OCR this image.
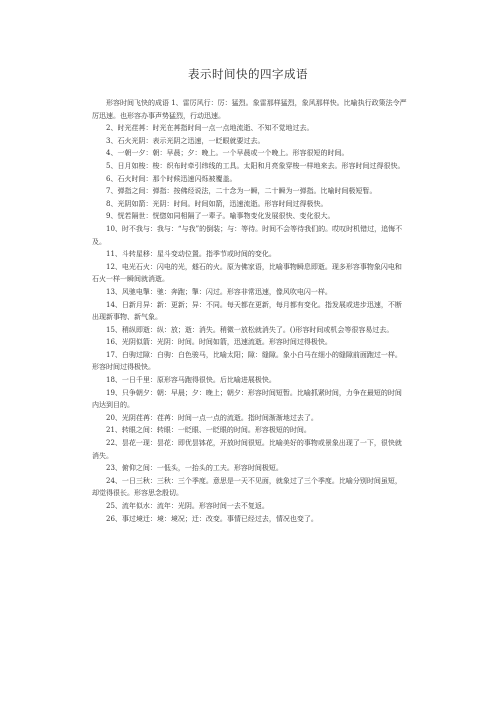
表示时间快的四字成语

形容时间飞快的成语 1、雷厉风行：厉：猛烈。象雷那样猛烈，象风那样快。比喻执行政策法令严厉迅速。也形容办事声势猛烈，行动迅速。

2、时光荏苒：时光在苒指时间一点一点地流逝、不知不觉地过去。

3、石火光阴：表示光阴之迅速，一眨眼就要过去。

4、一朝一夕：朝：早晨；夕：晚上。一个早晨或一个晚上。形容很短的时间。

5、日月如梭：梭：织布时牵引纬线的工具。太阳和月亮象穿梭一样地来去。形容时间过得很快。

6、石火时间：那个时候迅速闪烁被覆盖。

7、弹指之间：弹指：按佛经说法，二十念为一瞬，二十瞬为一弹指。比喻时间极短暂。

8、光阴如箭：光阴：时间。时间如箭，迅速流逝。形容时间过得极快。

9、恍若隔世：恍惚如同相隔了一辈子。喻事物变化发展很快、变化很大。

10、时不我与：我与：“与我”的倒装；与：等待。时间不会等待我们的。哎叹时机错过，追悔不及。

11、斗转星移：星斗变动位置。指季节或时间的变化。

12、电光石火：闪电的光，燧石的火。原为佛家语，比喻事物瞬息即逝。现多形容事物象闪电和石火一样一瞬间就消逝。

13、风驰电掣：驰：奔跑；掣：闪过。形容非常迅速，像风吹电闪一样。

14、日新月异：新：更新；异：不同。每天都在更新，每月都有变化。指发展或进步迅速，不断出现新事物、新气象。

15、稍纵即逝：纵：放；逝：消失。稍微一放松就消失了。()形容时间或机会等很容易过去。

16、光阴似箭：光阴：时间。时间如箭，迅速流逝。形容时间过得极快。

17、白驹过隙：白驹：白色骏马，比喻太阳；隙：缝隙。象小白马在细小的缝隙前面跑过一样。形容时间过得极快。

18、一日千里：原形容马跑得很快。后比喻进展极快。

19、只争朝夕：朝：早晨；夕：晚上；朝夕：形容时间短暂。比喻抓紧时间，力争在最短的时间内达到目的。

20、光阴荏苒：荏苒：时间一点一点的流逝。指时间渐渐地过去了。

21、转眼之间：转眼：一眨眼、一眨眼的时间。形容极短的时间。

22、昙花一现：昙花：即优昙钵花，开放时间很短。比喻美好的事物或景象出现了一下，很快就消失。

23、俯仰之间：一低头，一抬头的工夫。形容时间极短。

24、一日三秋：三秋：三个季度。意思是一天不见面，就象过了三个季度。比喻分别时间虽短，却觉得很长。形容思念殷切。

25、流年似水：流年：光阴。形容时间一去不复返。

26、事过境迁：境：境况；迁：改变。事情已经过去，情况也变了。
